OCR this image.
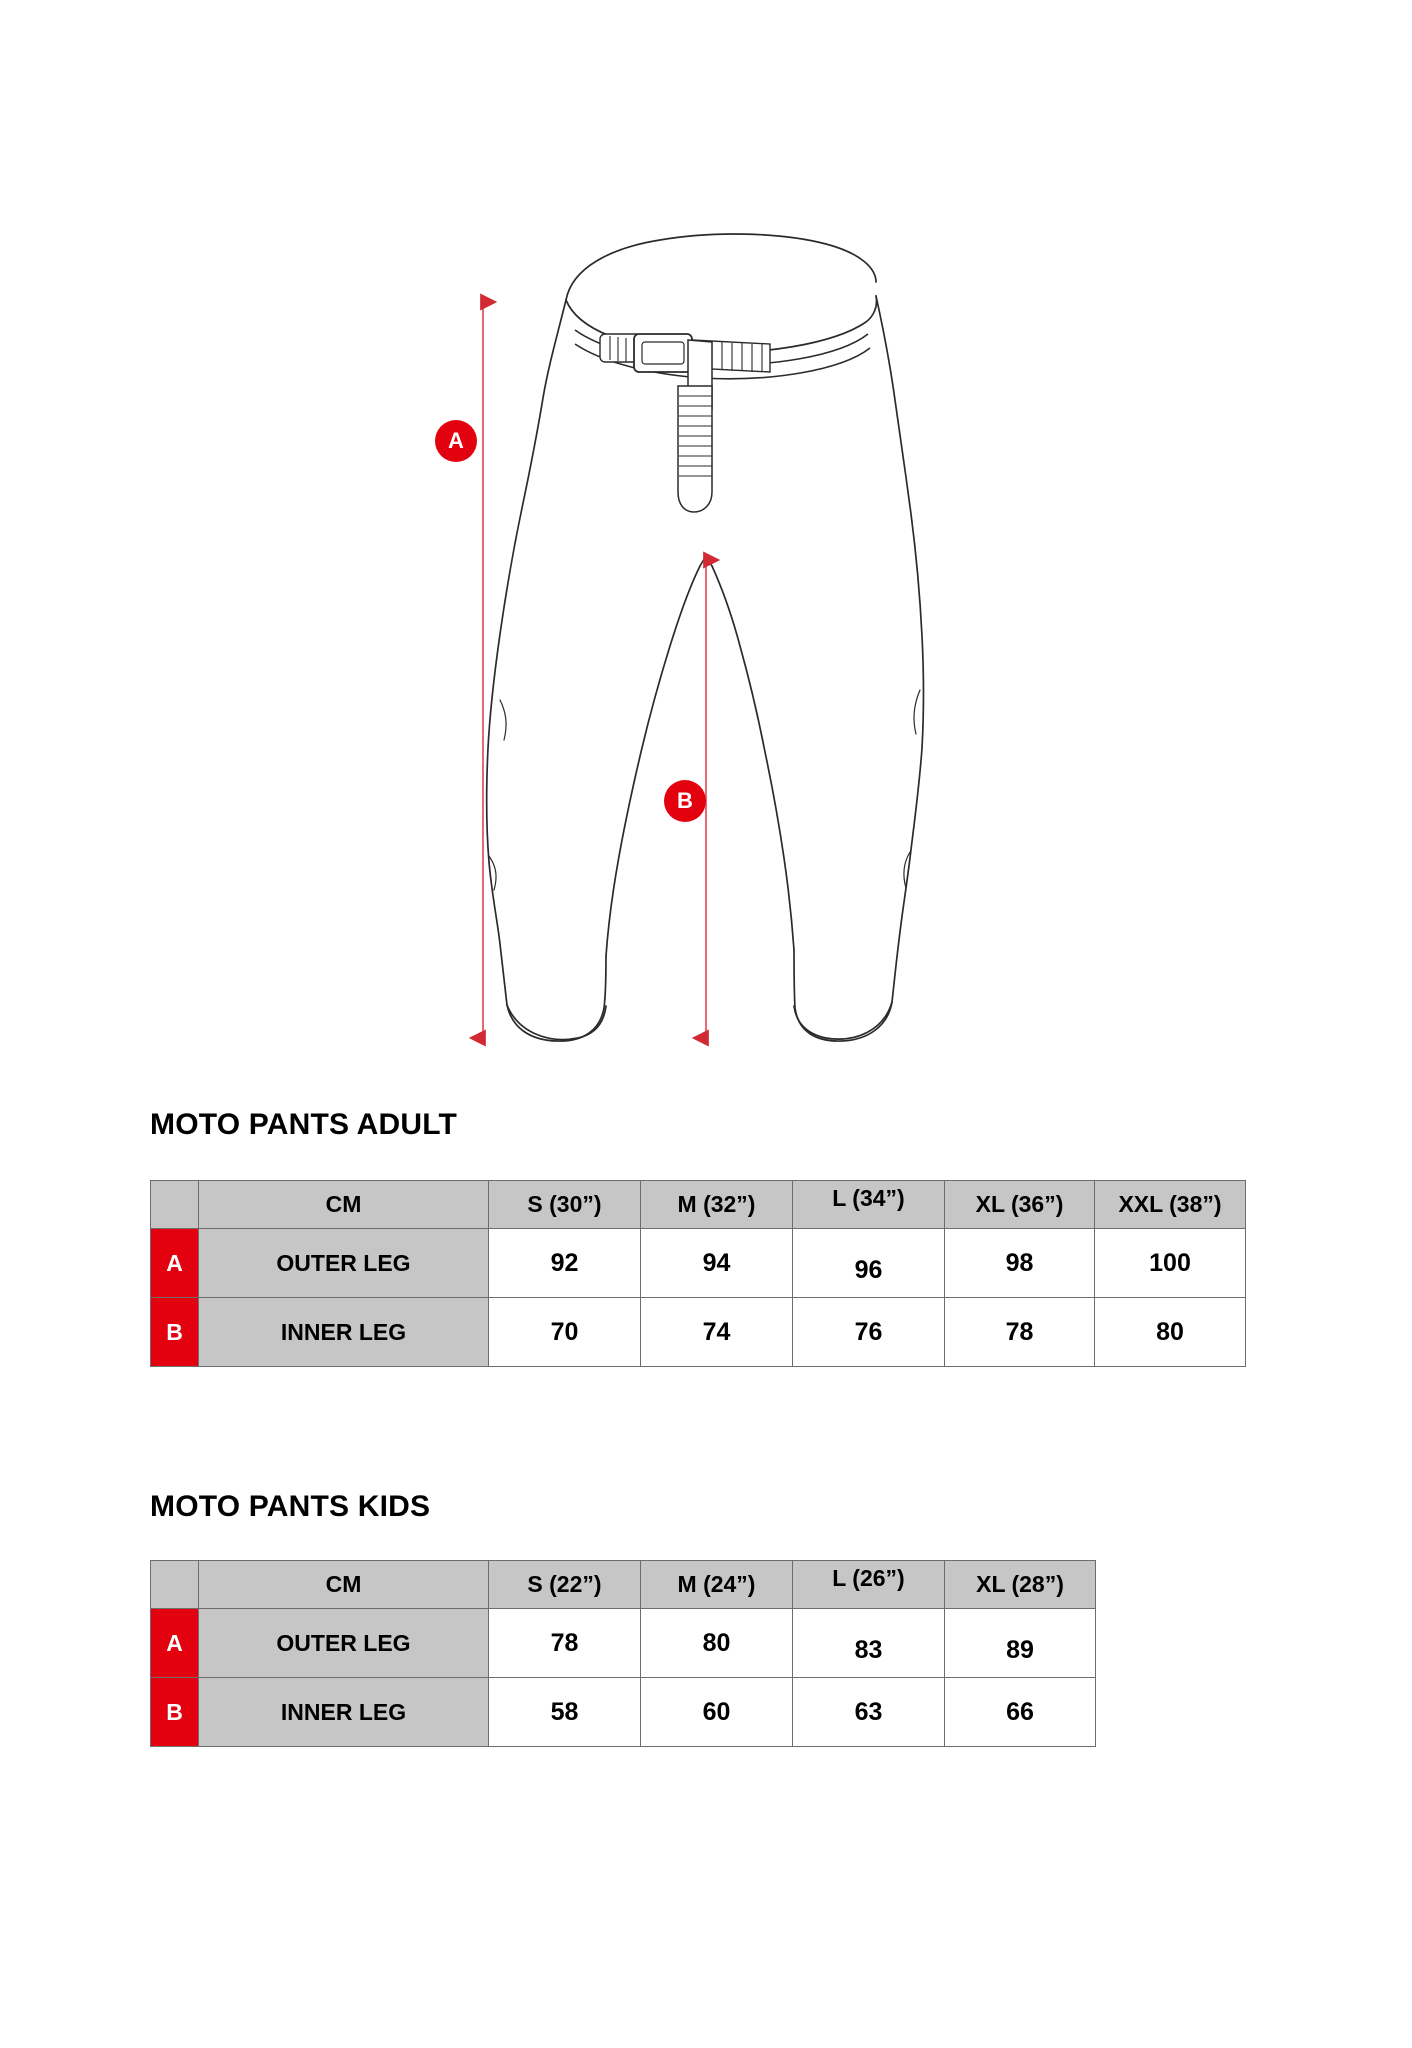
A
B
MOTO PANTS ADULT
	CM	S (30”)	M (32”)	L (34”)	XL (36”)	XXL (38”)
A	OUTER LEG	92	94	96	98	100
B	INNER LEG	70	74	76	78	80
MOTO PANTS KIDS
	CM	S (22”)	M (24”)	L (26”)	XL (28”)
A	OUTER LEG	78	80	83	89
B	INNER LEG	58	60	63	66
